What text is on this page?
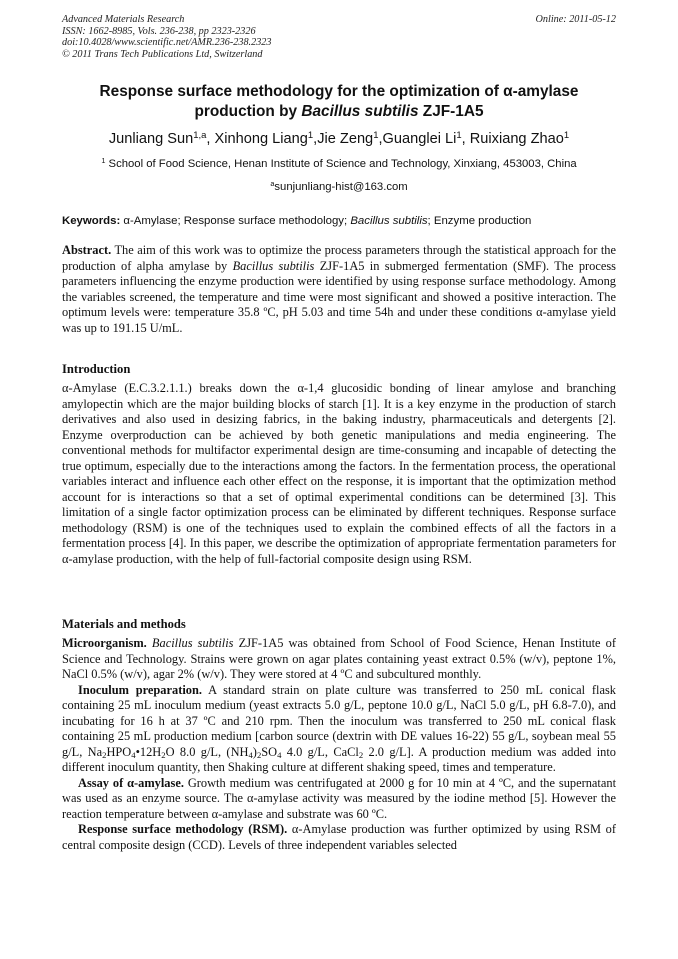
Advanced Materials Research
ISSN: 1662-8985, Vols. 236-238, pp 2323-2326
doi:10.4028/www.scientific.net/AMR.236-238.2323
© 2011 Trans Tech Publications Ltd, Switzerland
Online: 2011-05-12
Response surface methodology for the optimization of α-amylase
production by Bacillus subtilis ZJF-1A5
Junliang Sun$^{1,a}$, Xinhong Liang$^1$,Jie Zeng$^1$,Guanglei Li$^1$, Ruixiang Zhao$^1$
$^1$ School of Food Science, Henan Institute of Science and Technology, Xinxiang, 453003, China
$^a$sunjunliang-hist@163.com
Keywords: α-Amylase; Response surface methodology; Bacillus subtilis; Enzyme production

Abstract. The aim of this work was to optimize the process parameters through the statistical approach for the production of alpha amylase by Bacillus subtilis ZJF-1A5 in submerged fermentation (SMF). The process parameters influencing the enzyme production were identified by using response surface methodology. Among the variables screened, the temperature and time were most significant and showed a positive interaction. The optimum levels were: temperature 35.8 ºC, pH 5.03 and time 54h and under these conditions α-amylase yield was up to 191.15 U/mL.

Introduction

α-Amylase (E.C.3.2.1.1.) breaks down the α-1,4 glucosidic bonding of linear amylose and branching amylopectin which are the major building blocks of starch [1]. It is a key enzyme in the production of starch derivatives and also used in desizing fabrics, in the baking industry, pharmaceuticals and detergents [2]. Enzyme overproduction can be achieved by both genetic manipulations and media engineering. The conventional methods for multifactor experimental design are time-consuming and incapable of detecting the true optimum, especially due to the interactions among the factors. In the fermentation process, the operational variables interact and influence each other effect on the response, it is important that the optimization method account for is interactions so that a set of optimal experimental conditions can be determined [3]. This limitation of a single factor optimization process can be eliminated by different techniques. Response surface methodology (RSM) is one of the techniques used to explain the combined effects of all the factors in a fermentation process [4]. In this paper, we describe the optimization of appropriate fermentation parameters for α-amylase production, with the help of full-factorial composite design using RSM.

Materials and methods

Microorganism. Bacillus subtilis ZJF-1A5 was obtained from School of Food Science, Henan Institute of Science and Technology. Strains were grown on agar plates containing yeast extract 0.5% (w/v), peptone 1%, NaCl 0.5% (w/v), agar 2% (w/v). They were stored at 4 ºC and subcultured monthly.

Inoculum preparation. A standard strain on plate culture was transferred to 250 mL conical flask containing 25 mL inoculum medium (yeast extracts 5.0 g/L, peptone 10.0 g/L, NaCl 5.0 g/L, pH 6.8-7.0), and incubating for 16 h at 37 ºC and 210 rpm. Then the inoculum was transferred to 250 mL conical flask containing 25 mL production medium [carbon source (dextrin with DE values 16-22) 55 g/L, soybean meal 55 g/L, $Na_2HPO_4•12H_2O$ 8.0 g/L, $(NH_4)_2SO_4$ 4.0 g/L, CaCl$_2$ 2.0 g/L]. A production medium was added into different inoculum quantity, then Shaking culture at different shaking speed, times and temperature.

Assay of α-amylase. Growth medium was centrifugated at 2000 g for 10 min at 4 ºC, and the supernatant was used as an enzyme source. The α-amylase activity was measured by the iodine method [5]. However the reaction temperature between α-amylase and substrate was 60 ºC.

Response surface methodology (RSM). α-Amylase production was further optimized by using RSM of central composite design (CCD). Levels of three independent variables selected
